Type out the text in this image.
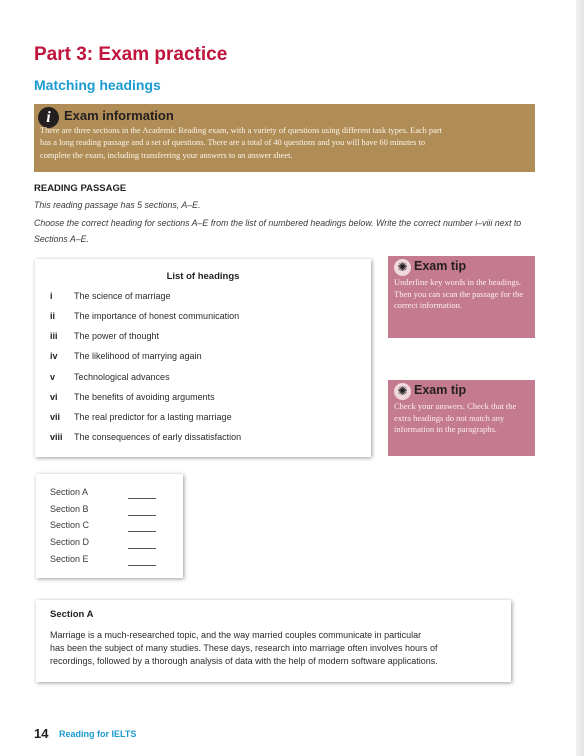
Part 3: Exam practice
Matching headings
i	Exam information
There are three sections in the Academic Reading exam, with a variety of questions using different task types. Each part
has a long reading passage and a set of questions. There are a total of 40 questions and you will have 60 minutes to
complete the exam, including transferring your answers to an answer sheet.
READING PASSAGE
This reading passage has 5 sections, A–E.
Choose the correct heading for sections A–E from the list of numbered headings below. Write the correct number i–viii next to Sections A–E.
List of headings
i The science of marriage
ii The importance of honest communication
iii The power of thought
iv The likelihood of marrying again
v Technological advances
vi The benefits of avoiding arguments
vii The real predictor for a lasting marriage
viii The consequences of early dissatisfaction
✺ Exam tip
Underline key words in the headings. Then you can scan the passage for the correct information.
✺ Exam tip
Check your answers. Check that the extra headings do not match any information in the paragraphs.
Section A
Section B
Section C
Section D
Section E
Section A
Marriage is a much-researched topic, and the way married couples communicate in particular
has been the subject of many studies. These days, research into marriage often involves hours of
recordings, followed by a thorough analysis of data with the help of modern software applications.
14 Reading for IELTS
